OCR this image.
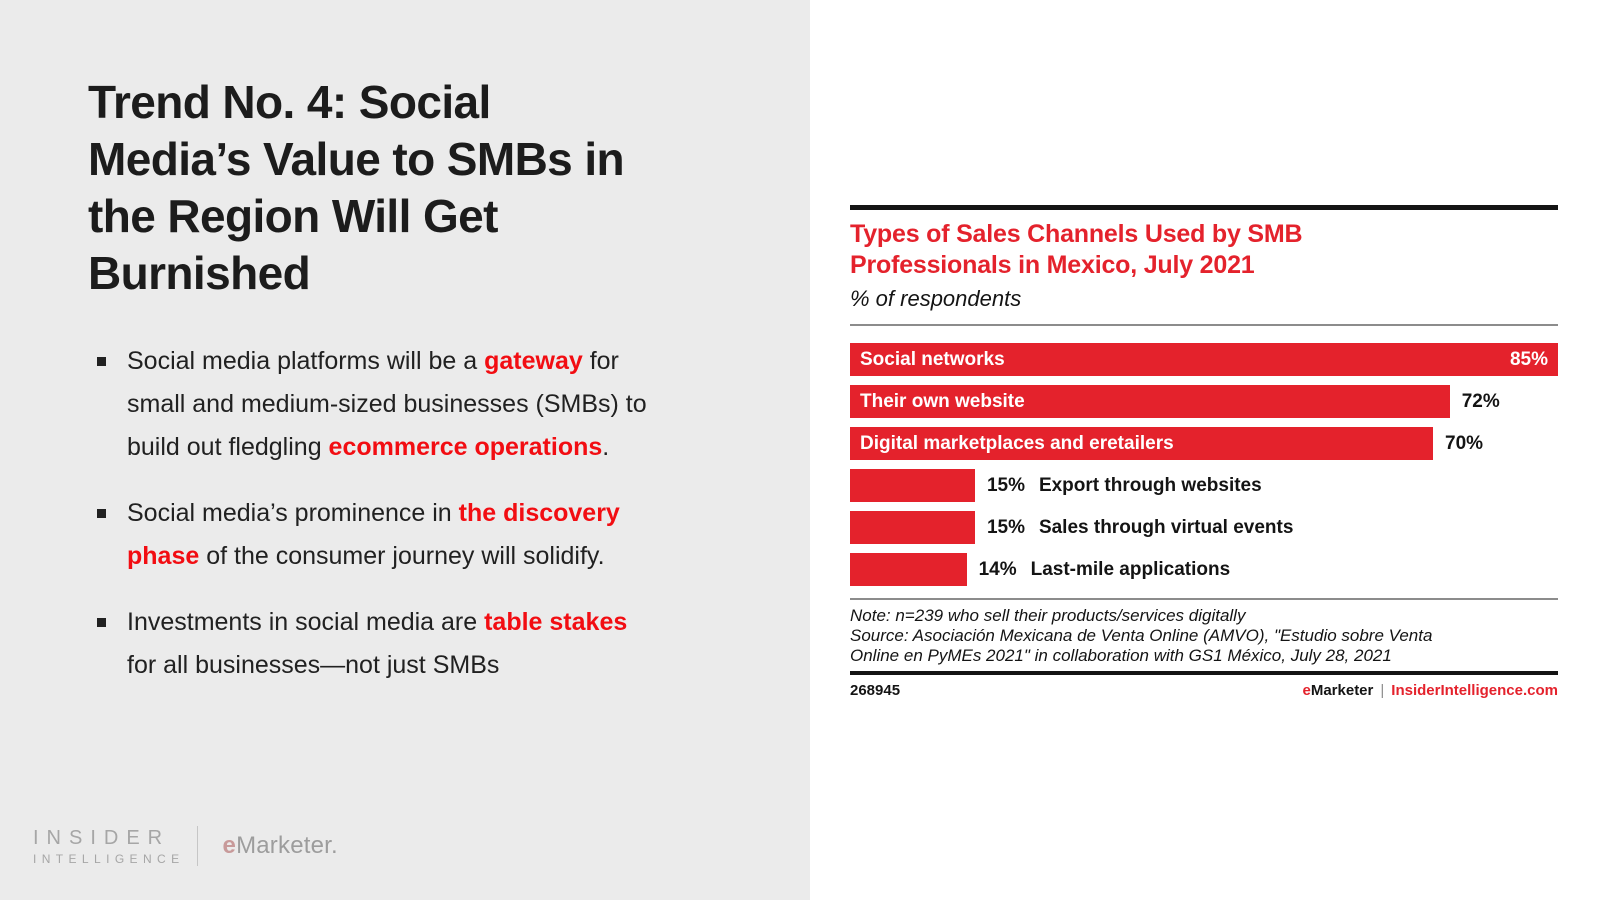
Trend No. 4: Social
Media’s Value to SMBs in
the Region Will Get
Burnished
Social media platforms will be a gateway for small and medium-sized businesses (SMBs) to build out fledgling ecommerce operations.
Social media’s prominence in the discovery phase of the consumer journey will solidify.
Investments in social media are table stakes for all businesses—not just SMBs
INSIDER
INTELLIGENCE eMarketer.
Types of Sales Channels Used by SMB
Professionals in Mexico, July 2021
% of respondents
Social networks	85%
Their own website	72%
Digital marketplaces and eretailers	70%
15% Export through websites
15% Sales through virtual events
14% Last-mile applications
Note: n=239 who sell their products/services digitally
Source: Asociación Mexicana de Venta Online (AMVO), "Estudio sobre Venta Online en PyMEs 2021" in collaboration with GS1 México, July 28, 2021
268945	eMarketer | InsiderIntelligence.com
